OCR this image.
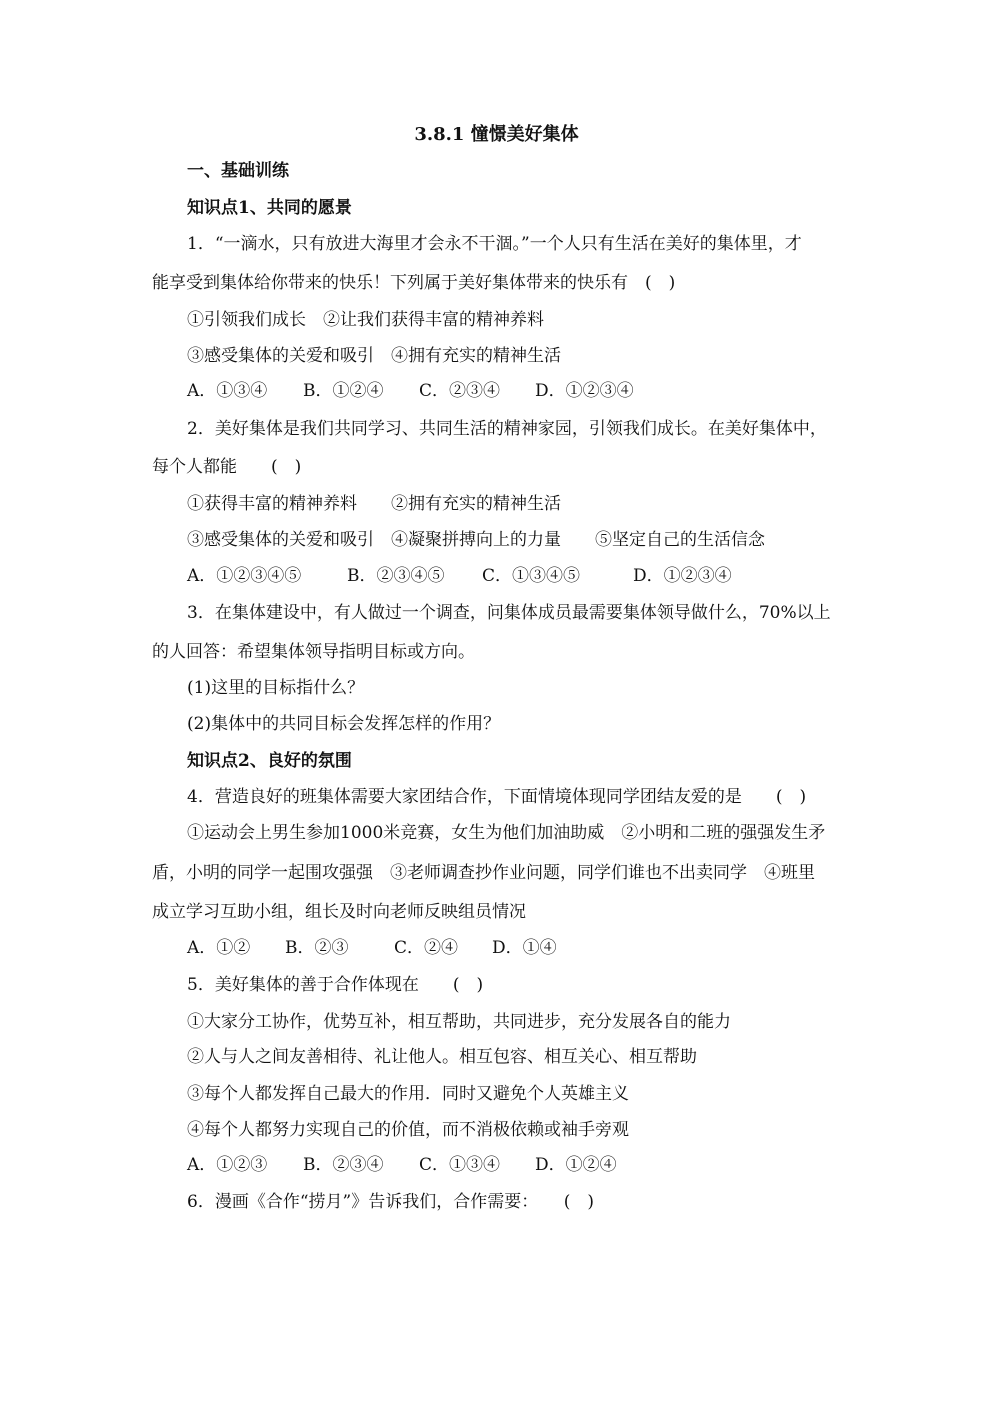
3.8.1 憧憬美好集体

一、基础训练

知识点1、共同的愿景

1．“一滴水，只有放进大海里才会永不干涸。”一个人只有生活在美好的集体里，才

能享受到集体给你带来的快乐！下列属于美好集体带来的快乐有　(　)

①引领我们成长　②让我们获得丰富的精神养料

③感受集体的关爱和吸引　④拥有充实的精神生活

A．①③④ B．①②④ C．②③④ D．①②③④

2．美好集体是我们共同学习、共同生活的精神家园，引领我们成长。在美好集体中，

每个人都能　　(　)

①获得丰富的精神养料　　②拥有充实的精神生活

③感受集体的关爱和吸引　④凝聚拼搏向上的力量　　⑤坚定自己的生活信念

A．①②③④⑤	B．②③④⑤ C．①③④⑤	D．①②③④

3．在集体建设中，有人做过一个调查，问集体成员最需要集体领导做什么，70%以上

的人回答：希望集体领导指明目标或方向。

(1)这里的目标指什么？

(2)集体中的共同目标会发挥怎样的作用？

知识点2、良好的氛围

4．营造良好的班集体需要大家团结合作，下面情境体现同学团结友爱的是　　(　)

①运动会上男生参加1000米竞赛，女生为他们加油助威　②小明和二班的强强发生矛

盾，小明的同学一起围攻强强　③老师调查抄作业问题，同学们谁也不出卖同学　④班里

成立学习互助小组，组长及时向老师反映组员情况

A．①② B．②③	C．②④ D．①④

5．美好集体的善于合作体现在　　(　)

①大家分工协作，优势互补，相互帮助，共同进步，充分发展各自的能力

②人与人之间友善相待、礼让他人。相互包容、相互关心、相互帮助

③每个人都发挥自己最大的作用．同时又避免个人英雄主义

④每个人都努力实现自己的价值，而不消极依赖或袖手旁观

A．①②③ B．②③④ C．①③④ D．①②④

6．漫画《合作“捞月”》告诉我们，合作需要：　　(　)
